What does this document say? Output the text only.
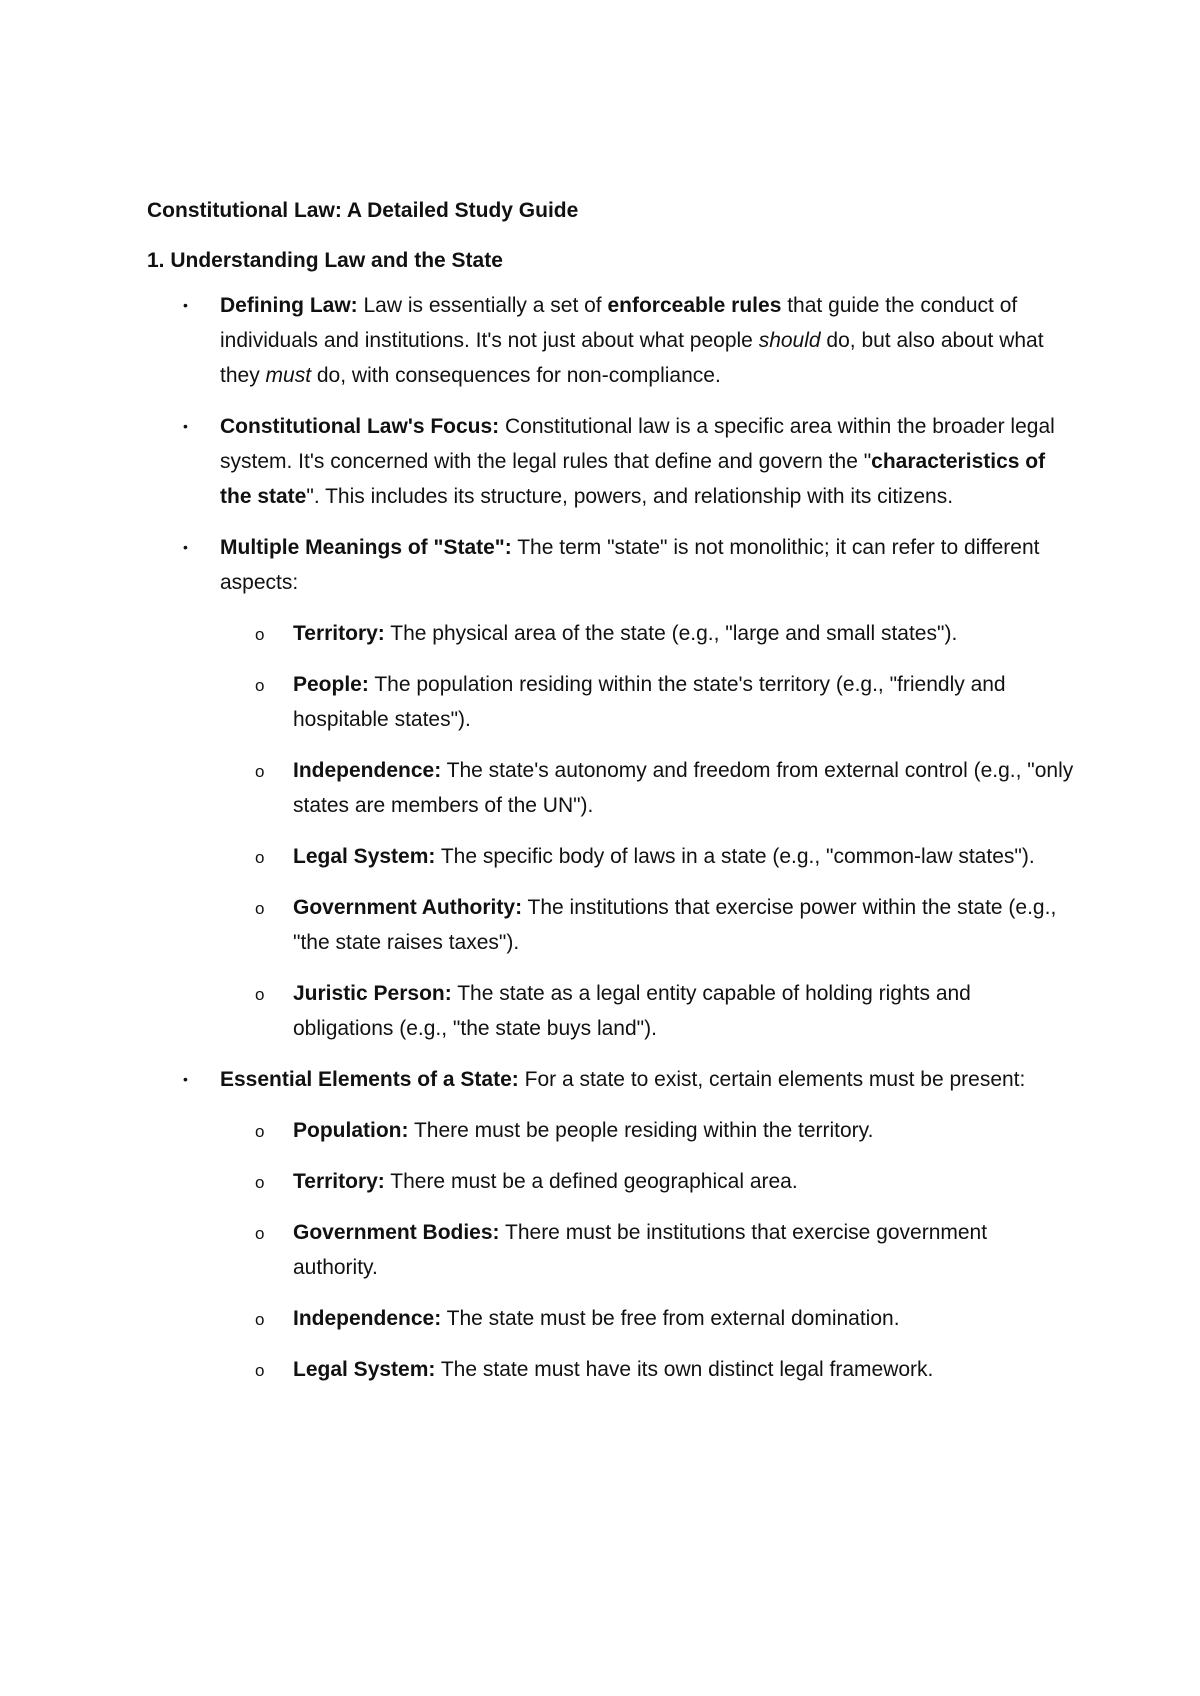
Constitutional Law: A Detailed Study Guide

1. Understanding Law and the State

• Defining Law: Law is essentially a set of enforceable rules that guide the conduct of individuals and institutions. It's not just about what people should do, but also about what they must do, with consequences for non-compliance.
• Constitutional Law's Focus: Constitutional law is a specific area within the broader legal system. It's concerned with the legal rules that define and govern the "characteristics of the state". This includes its structure, powers, and relationship with its citizens.
• Multiple Meanings of "State": The term "state" is not monolithic; it can refer to different aspects:
o Territory: The physical area of the state (e.g., "large and small states").
o People: The population residing within the state's territory (e.g., "friendly and hospitable states").
o Independence: The state's autonomy and freedom from external control (e.g., "only states are members of the UN").
o Legal System: The specific body of laws in a state (e.g., "common-law states").
o Government Authority: The institutions that exercise power within the state (e.g., "the state raises taxes").
o Juristic Person: The state as a legal entity capable of holding rights and obligations (e.g., "the state buys land").
• Essential Elements of a State: For a state to exist, certain elements must be present:
o Population: There must be people residing within the territory.
o Territory: There must be a defined geographical area.
o Government Bodies: There must be institutions that exercise government authority.
o Independence: The state must be free from external domination.
o Legal System: The state must have its own distinct legal framework.
